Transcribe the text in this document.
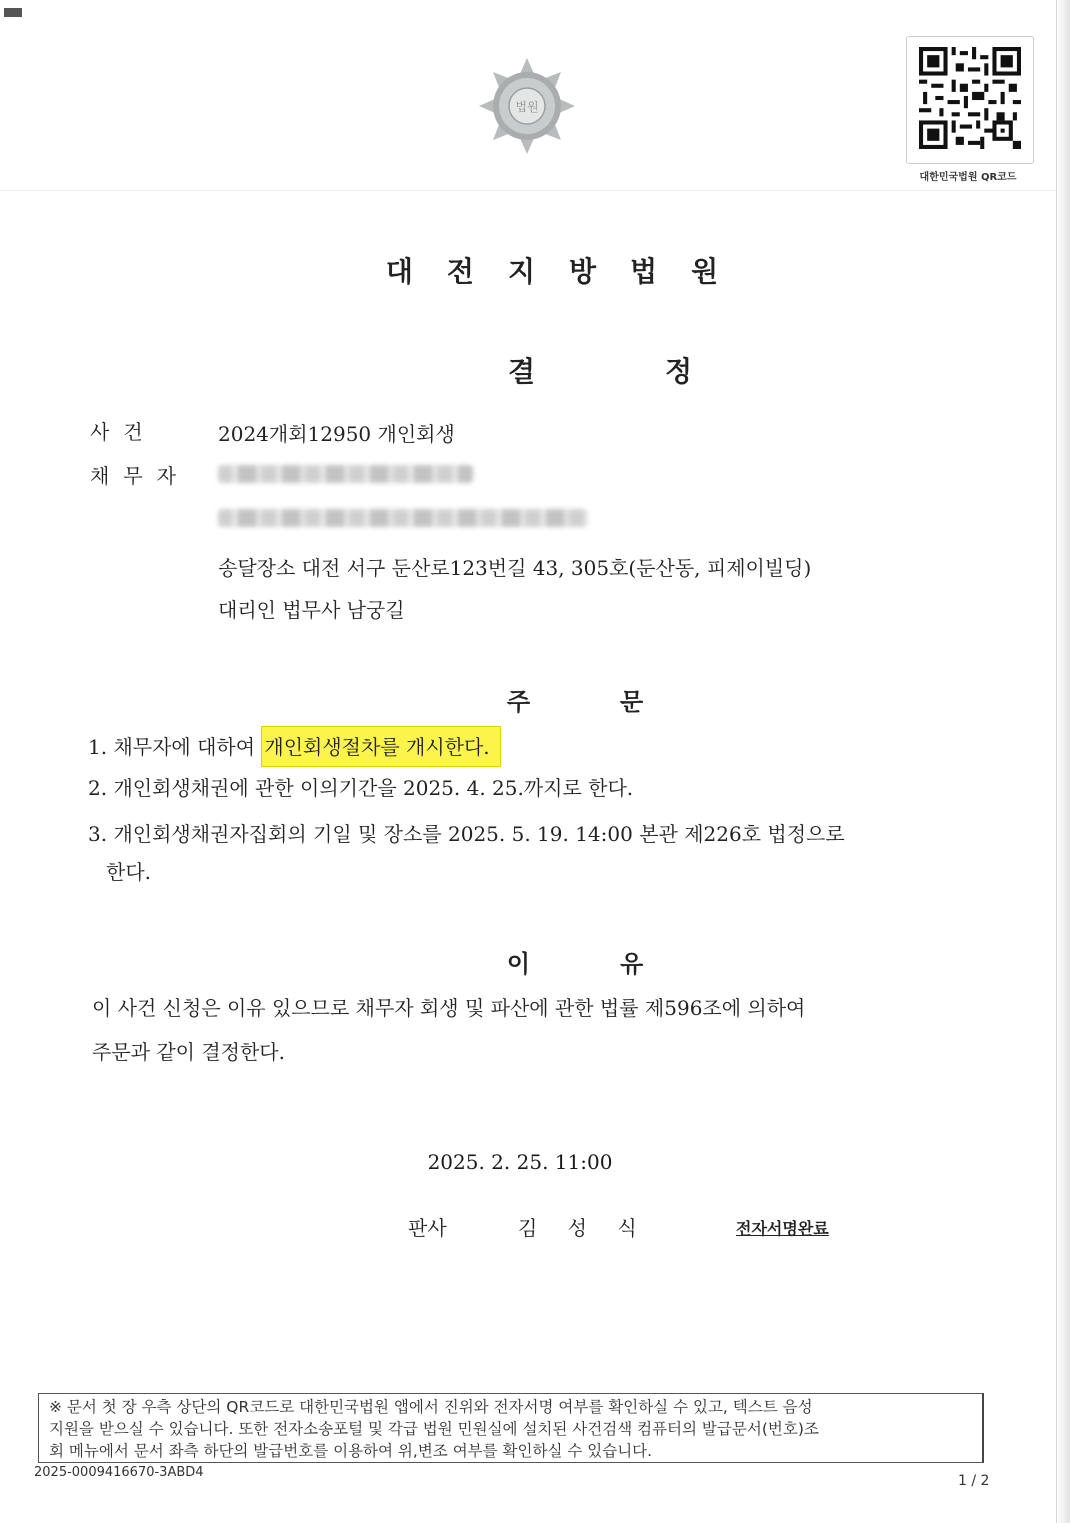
법원
대한민국법원 QR코드
대전지방법원
결정
사건	2024개회12950 개인회생
채무자
송달장소 대전 서구 둔산로123번길 43, 305호(둔산동, 피제이빌딩)
대리인 법무사 남궁길
주문
1. 채무자에 대하여 개인회생절차를 개시한다.
2. 개인회생채권에 관한 이의기간을 2025. 4. 25.까지로 한다.
3. 개인회생채권자집회의 기일 및 장소를 2025. 5. 19. 14:00 본관 제226호 법정으로
한다.
이유
이 사건 신청은 이유 있으므로 채무자 회생 및 파산에 관한 법률 제596조에 의하여
주문과 같이 결정한다.
2025. 2. 25. 11:00
판사	김 성 식	전자서명완료
※ 문서 첫 장 우측 상단의 QR코드로 대한민국법원 앱에서 진위와 전자서명 여부를 확인하실 수 있고, 텍스트 음성
지원을 받으실 수 있습니다. 또한 전자소송포털 및 각급 법원 민원실에 설치된 사건검색 컴퓨터의 발급문서(번호)조
회 메뉴에서 문서 좌측 하단의 발급번호를 이용하여 위,변조 여부를 확인하실 수 있습니다.
2025-0009416670-3ABD4
1 / 2
